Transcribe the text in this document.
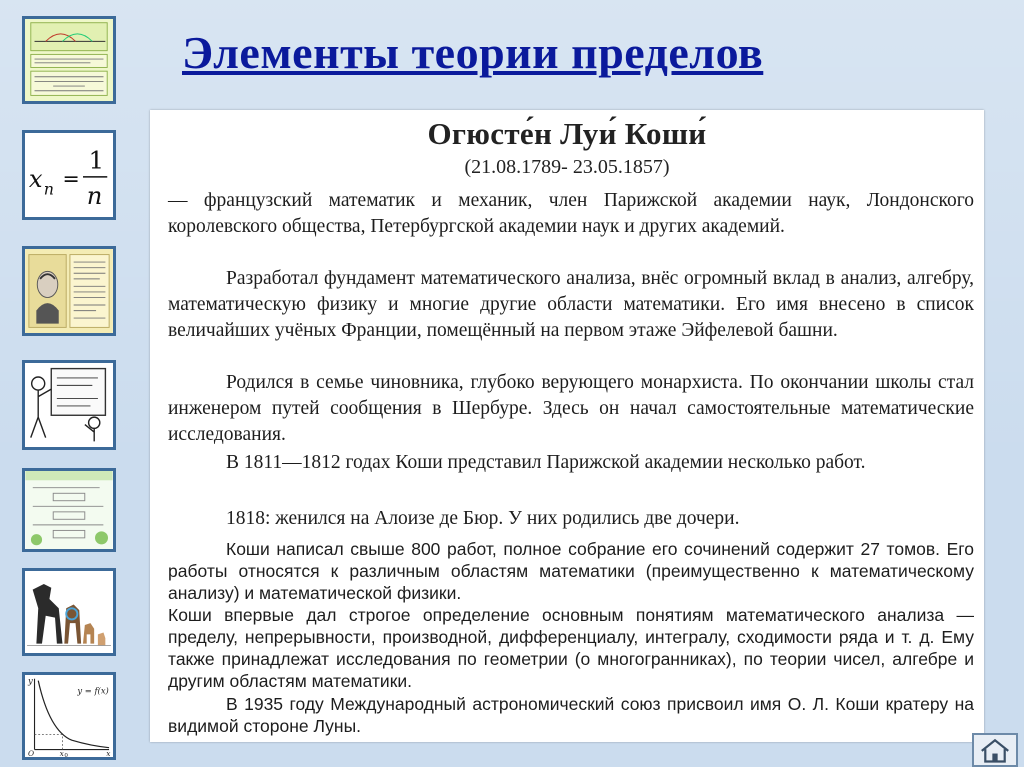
Элементы теории пределов
x n =
1
n
y = f(x)
y
x
O	x 0
Огюсте́н Луи́ Коши́
(21.08.1789- 23.05.1857)
— французский математик и механик, член Парижской академии наук, Лондонского королевского общества, Петербургской академии наук и других академий.
Разработал фундамент математического анализа, внёс огромный вклад в анализ, алгебру, математическую физику и многие другие области математики. Его имя внесено в список величайших учёных Франции, помещённый на первом этаже Эйфелевой башни.
Родился в семье чиновника, глубоко верующего монархиста. По окончании школы стал инженером путей сообщения в Шербуре. Здесь он начал самостоятельные математические исследования.
В 1811—1812 годах Коши представил Парижской академии несколько работ.
1818: женился на Алоизе де Бюр. У них родились две дочери.
Коши написал свыше 800 работ, полное собрание его сочинений содержит 27 томов. Его работы относятся к различным областям математики (преимущественно к математическому анализу) и математической физики.
Коши впервые дал строгое определение основным понятиям математического анализа — пределу, непрерывности, производной, дифференциалу, интегралу, сходимости ряда и т. д. Ему также принадлежат исследования по геометрии (о многогранниках), по теории чисел, алгебре и другим областям математики.
В 1935 году Международный астрономический союз присвоил имя О. Л. Коши кратеру на видимой стороне Луны.
